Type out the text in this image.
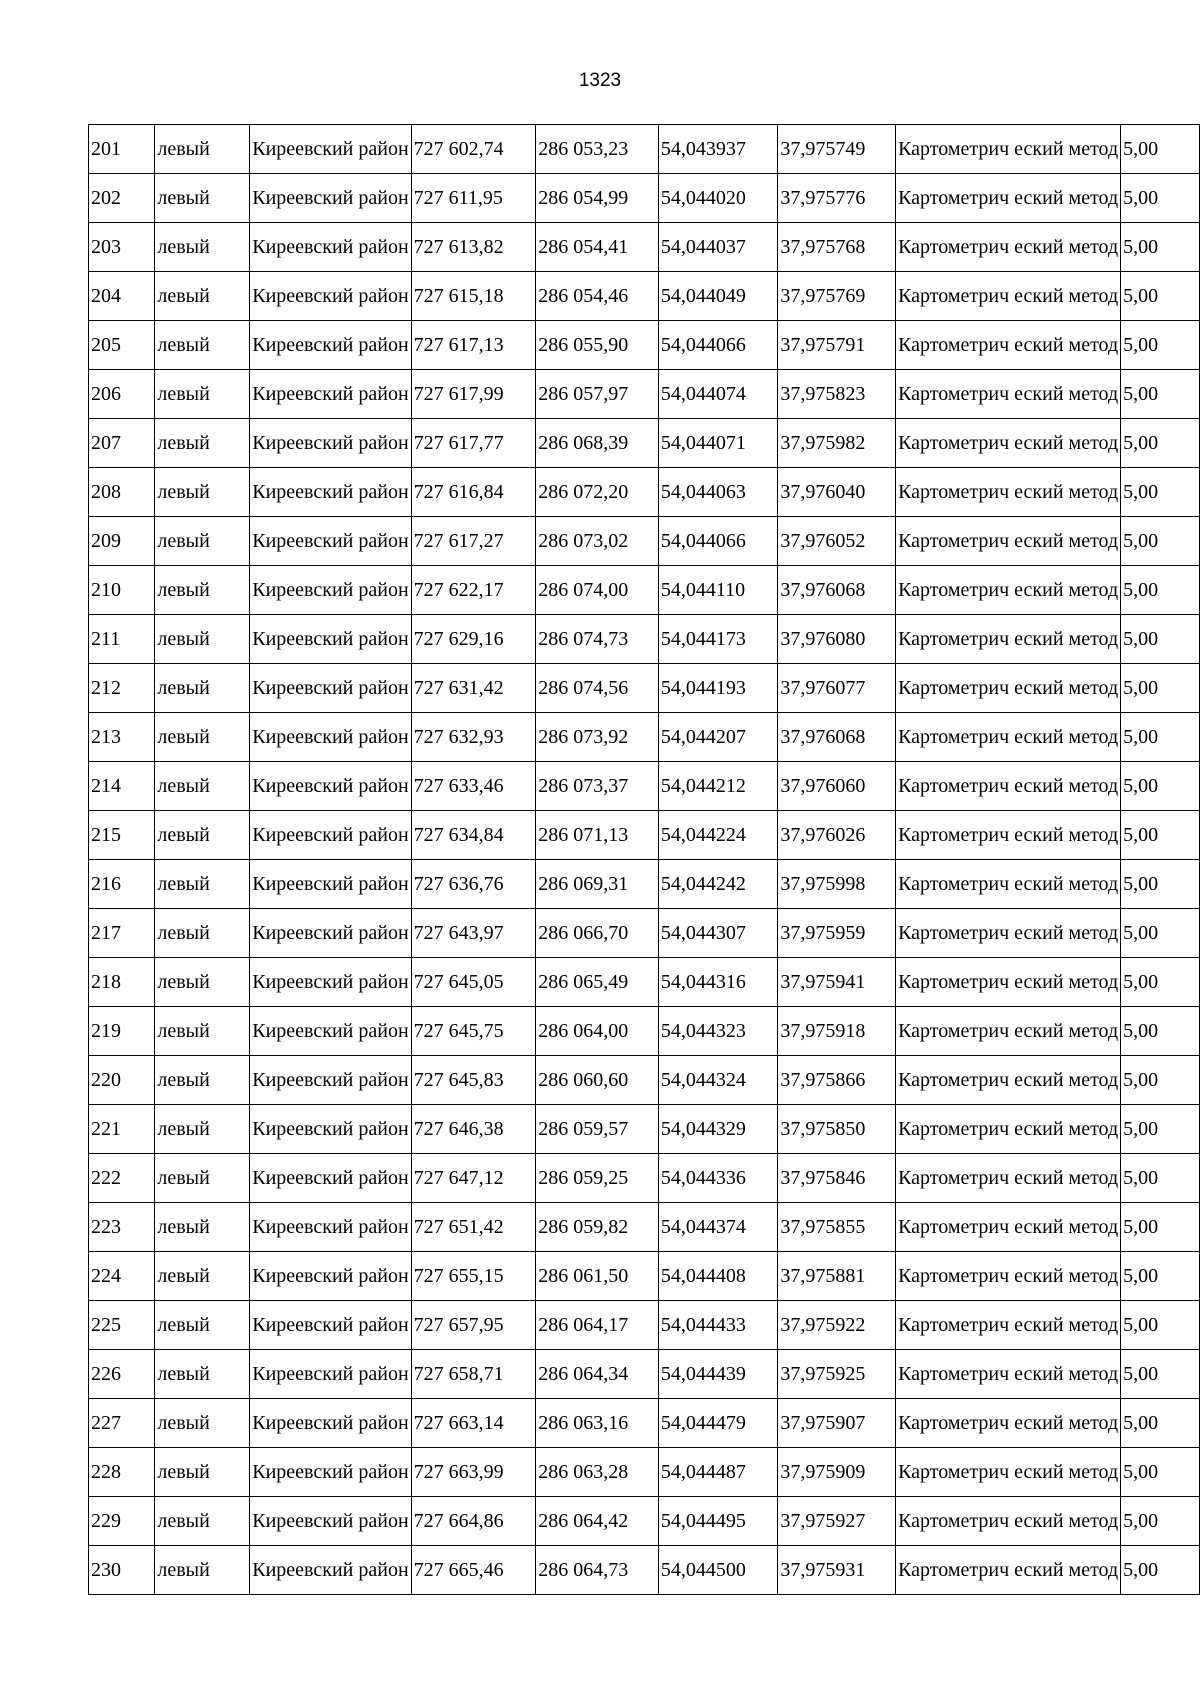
1323
201	левый	Киреевский район	727 602,74	286 053,23	54,043937	37,975749	Картометрич еский метод	5,00
202	левый	Киреевский район	727 611,95	286 054,99	54,044020	37,975776	Картометрич еский метод	5,00
203	левый	Киреевский район	727 613,82	286 054,41	54,044037	37,975768	Картометрич еский метод	5,00
204	левый	Киреевский район	727 615,18	286 054,46	54,044049	37,975769	Картометрич еский метод	5,00
205	левый	Киреевский район	727 617,13	286 055,90	54,044066	37,975791	Картометрич еский метод	5,00
206	левый	Киреевский район	727 617,99	286 057,97	54,044074	37,975823	Картометрич еский метод	5,00
207	левый	Киреевский район	727 617,77	286 068,39	54,044071	37,975982	Картометрич еский метод	5,00
208	левый	Киреевский район	727 616,84	286 072,20	54,044063	37,976040	Картометрич еский метод	5,00
209	левый	Киреевский район	727 617,27	286 073,02	54,044066	37,976052	Картометрич еский метод	5,00
210	левый	Киреевский район	727 622,17	286 074,00	54,044110	37,976068	Картометрич еский метод	5,00
211	левый	Киреевский район	727 629,16	286 074,73	54,044173	37,976080	Картометрич еский метод	5,00
212	левый	Киреевский район	727 631,42	286 074,56	54,044193	37,976077	Картометрич еский метод	5,00
213	левый	Киреевский район	727 632,93	286 073,92	54,044207	37,976068	Картометрич еский метод	5,00
214	левый	Киреевский район	727 633,46	286 073,37	54,044212	37,976060	Картометрич еский метод	5,00
215	левый	Киреевский район	727 634,84	286 071,13	54,044224	37,976026	Картометрич еский метод	5,00
216	левый	Киреевский район	727 636,76	286 069,31	54,044242	37,975998	Картометрич еский метод	5,00
217	левый	Киреевский район	727 643,97	286 066,70	54,044307	37,975959	Картометрич еский метод	5,00
218	левый	Киреевский район	727 645,05	286 065,49	54,044316	37,975941	Картометрич еский метод	5,00
219	левый	Киреевский район	727 645,75	286 064,00	54,044323	37,975918	Картометрич еский метод	5,00
220	левый	Киреевский район	727 645,83	286 060,60	54,044324	37,975866	Картометрич еский метод	5,00
221	левый	Киреевский район	727 646,38	286 059,57	54,044329	37,975850	Картометрич еский метод	5,00
222	левый	Киреевский район	727 647,12	286 059,25	54,044336	37,975846	Картометрич еский метод	5,00
223	левый	Киреевский район	727 651,42	286 059,82	54,044374	37,975855	Картометрич еский метод	5,00
224	левый	Киреевский район	727 655,15	286 061,50	54,044408	37,975881	Картометрич еский метод	5,00
225	левый	Киреевский район	727 657,95	286 064,17	54,044433	37,975922	Картометрич еский метод	5,00
226	левый	Киреевский район	727 658,71	286 064,34	54,044439	37,975925	Картометрич еский метод	5,00
227	левый	Киреевский район	727 663,14	286 063,16	54,044479	37,975907	Картометрич еский метод	5,00
228	левый	Киреевский район	727 663,99	286 063,28	54,044487	37,975909	Картометрич еский метод	5,00
229	левый	Киреевский район	727 664,86	286 064,42	54,044495	37,975927	Картометрич еский метод	5,00
230	левый	Киреевский район	727 665,46	286 064,73	54,044500	37,975931	Картометрич еский метод	5,00
